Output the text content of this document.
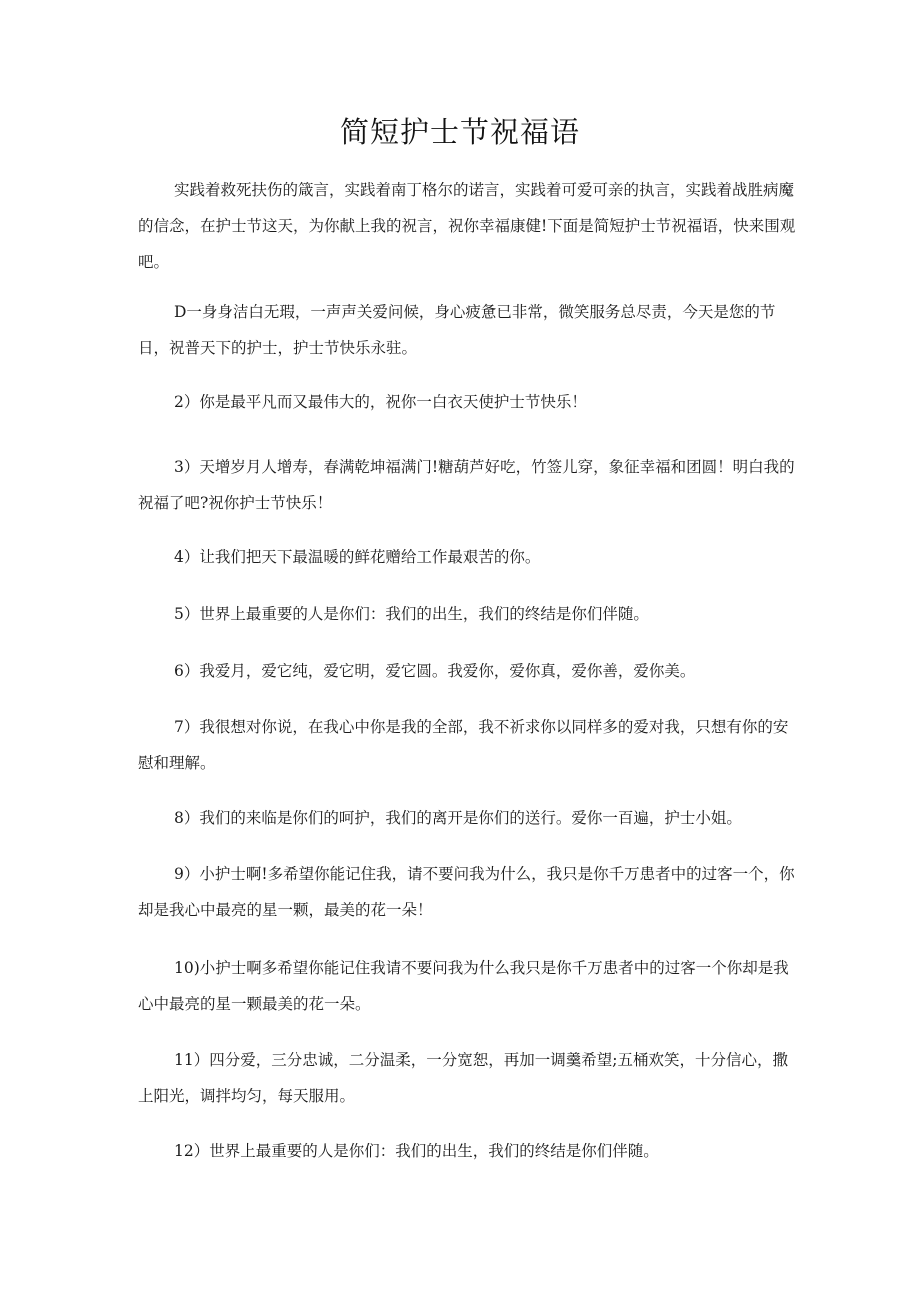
简短护士节祝福语

实践着救死扶伤的箴言，实践着南丁格尔的诺言，实践着可爱可亲的执言，实践着战胜病魔的信念，在护士节这天，为你献上我的祝言，祝你幸福康健!下面是简短护士节祝福语，快来围观吧。

D一身身洁白无瑕，一声声关爱问候，身心疲惫已非常，微笑服务总尽责，今天是您的节日，祝普天下的护士，护士节快乐永驻。

2）你是最平凡而又最伟大的，祝你一白衣天使护士节快乐！

3）天增岁月人增寿，春满乾坤福满门!糖葫芦好吃，竹签儿穿，象征幸福和团圆！明白我的祝福了吧?祝你护士节快乐！

4）让我们把天下最温暖的鲜花赠给工作最艰苦的你。

5）世界上最重要的人是你们：我们的出生，我们的终结是你们伴随。

6）我爱月，爱它纯，爱它明，爱它圆。我爱你，爱你真，爱你善，爱你美。

7）我很想对你说，在我心中你是我的全部，我不祈求你以同样多的爱对我，只想有你的安慰和理解。

8）我们的来临是你们的呵护，我们的离开是你们的送行。爱你一百遍，护士小姐。

9）小护士啊!多希望你能记住我，请不要问我为什么，我只是你千万患者中的过客一个，你却是我心中最亮的星一颗，最美的花一朵！

10)小护士啊多希望你能记住我请不要问我为什么我只是你千万患者中的过客一个你却是我心中最亮的星一颗最美的花一朵。

11）四分爱，三分忠诚，二分温柔，一分宽恕，再加一调羹希望;五桶欢笑，十分信心，撒上阳光，调拌均匀，每天服用。

12）世界上最重要的人是你们：我们的出生，我们的终结是你们伴随。
